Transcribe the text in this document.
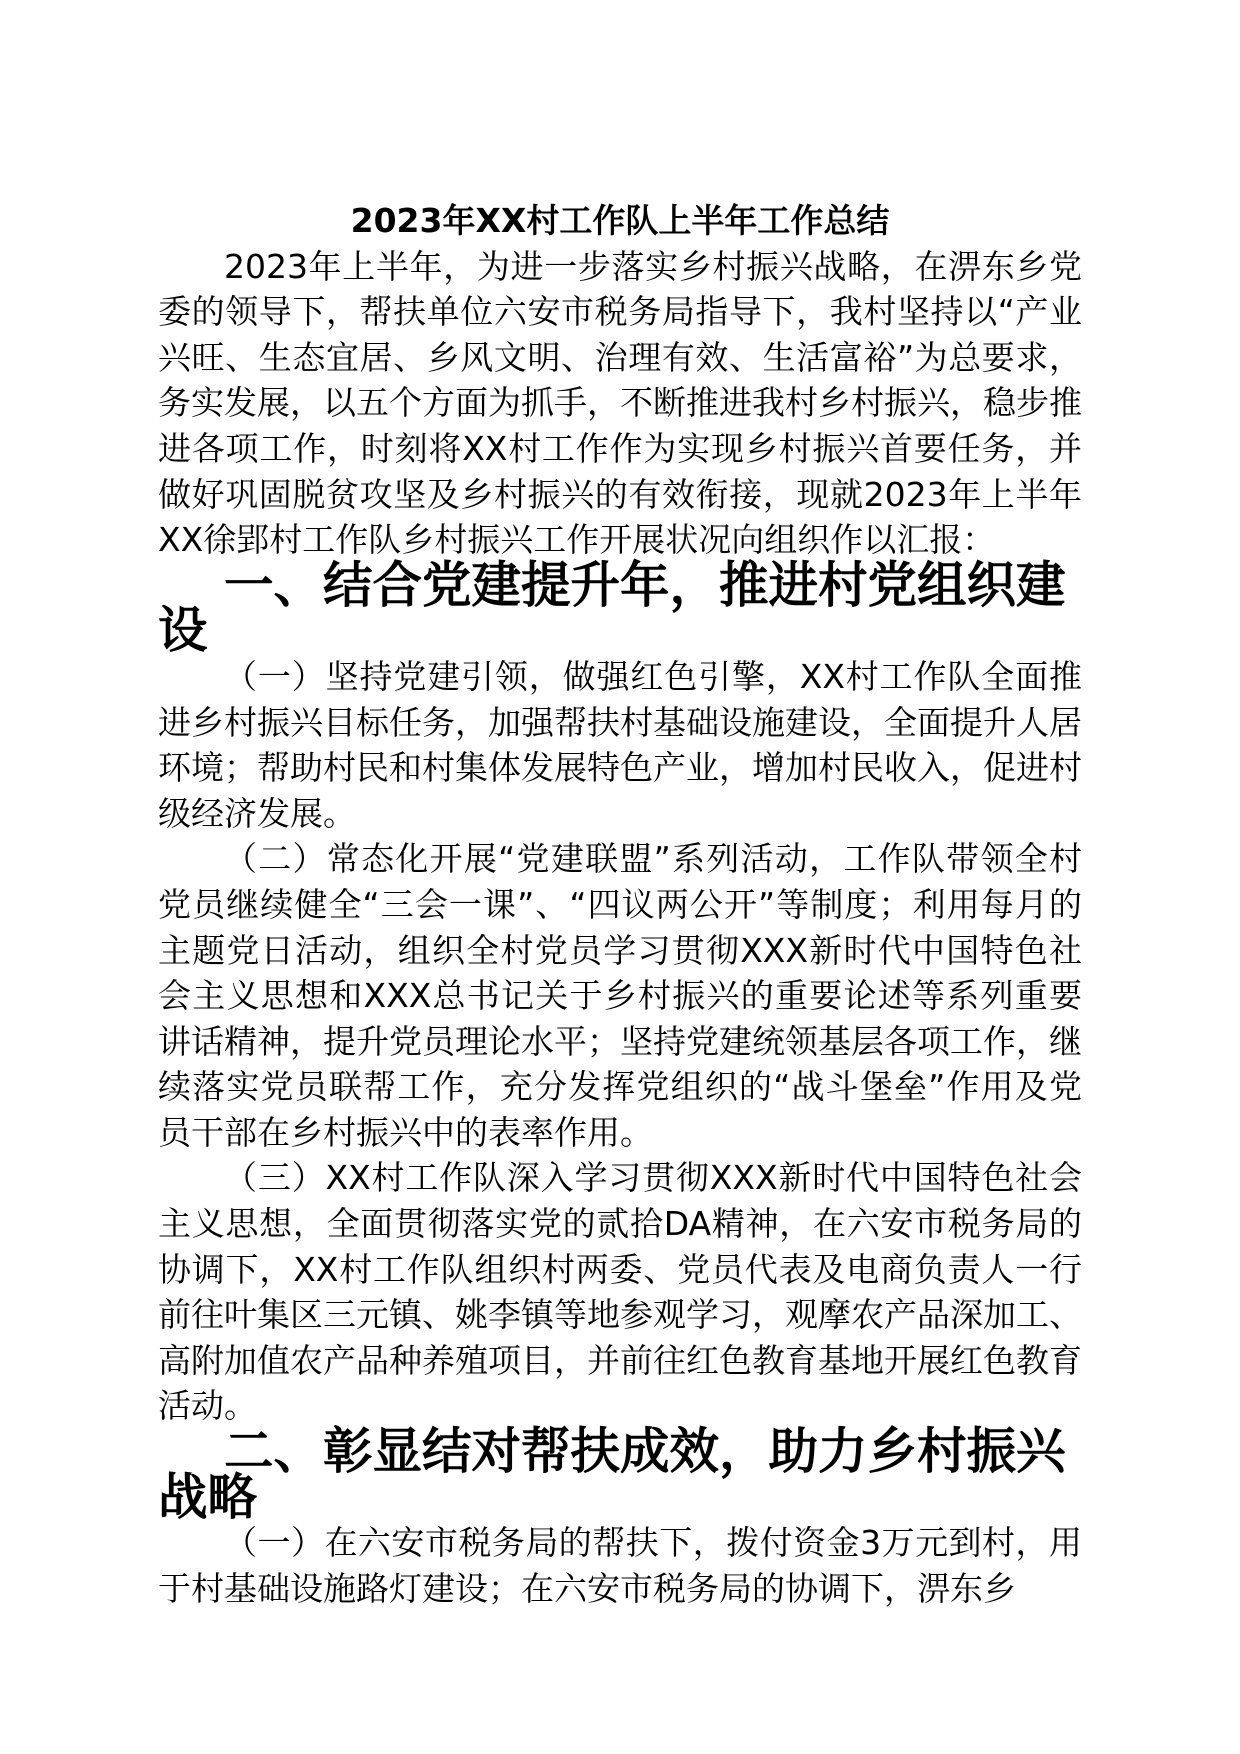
2023年XX村工作队上半年工作总结

2023年上半年，为进一步落实乡村振兴战略，在淠东乡党委的领导下，帮扶单位六安市税务局指导下，我村坚持以“产业兴旺、生态宜居、乡风文明、治理有效、生活富裕”为总要求，务实发展，以五个方面为抓手，不断推进我村乡村振兴，稳步推进各项工作，时刻将XX村工作作为实现乡村振兴首要任务，并做好巩固脱贫攻坚及乡村振兴的有效衔接，现就2023年上半年XX徐郢村工作队乡村振兴工作开展状况向组织作以汇报：

一、结合党建提升年，推进村党组织建设

（一）坚持党建引领，做强红色引擎，XX村工作队全面推进乡村振兴目标任务，加强帮扶村基础设施建设，全面提升人居环境；帮助村民和村集体发展特色产业，增加村民收入，促进村级经济发展。

（二）常态化开展“党建联盟”系列活动，工作队带领全村党员继续健全“三会一课”、“四议两公开”等制度；利用每月的主题党日活动，组织全村党员学习贯彻XXX新时代中国特色社会主义思想和XXX总书记关于乡村振兴的重要论述等系列重要讲话精神，提升党员理论水平；坚持党建统领基层各项工作，继续落实党员联帮工作，充分发挥党组织的“战斗堡垒”作用及党员干部在乡村振兴中的表率作用。

（三）XX村工作队深入学习贯彻XXX新时代中国特色社会主义思想，全面贯彻落实党的贰拾DA精神，在六安市税务局的协调下，XX村工作队组织村两委、党员代表及电商负责人一行前往叶集区三元镇、姚李镇等地参观学习，观摩农产品深加工、高附加值农产品种养殖项目，并前往红色教育基地开展红色教育活动。

二、彰显结对帮扶成效，助力乡村振兴战略

（一）在六安市税务局的帮扶下，拨付资金3万元到村，用于村基础设施路灯建设；在六安市税务局的协调下，淠东乡
